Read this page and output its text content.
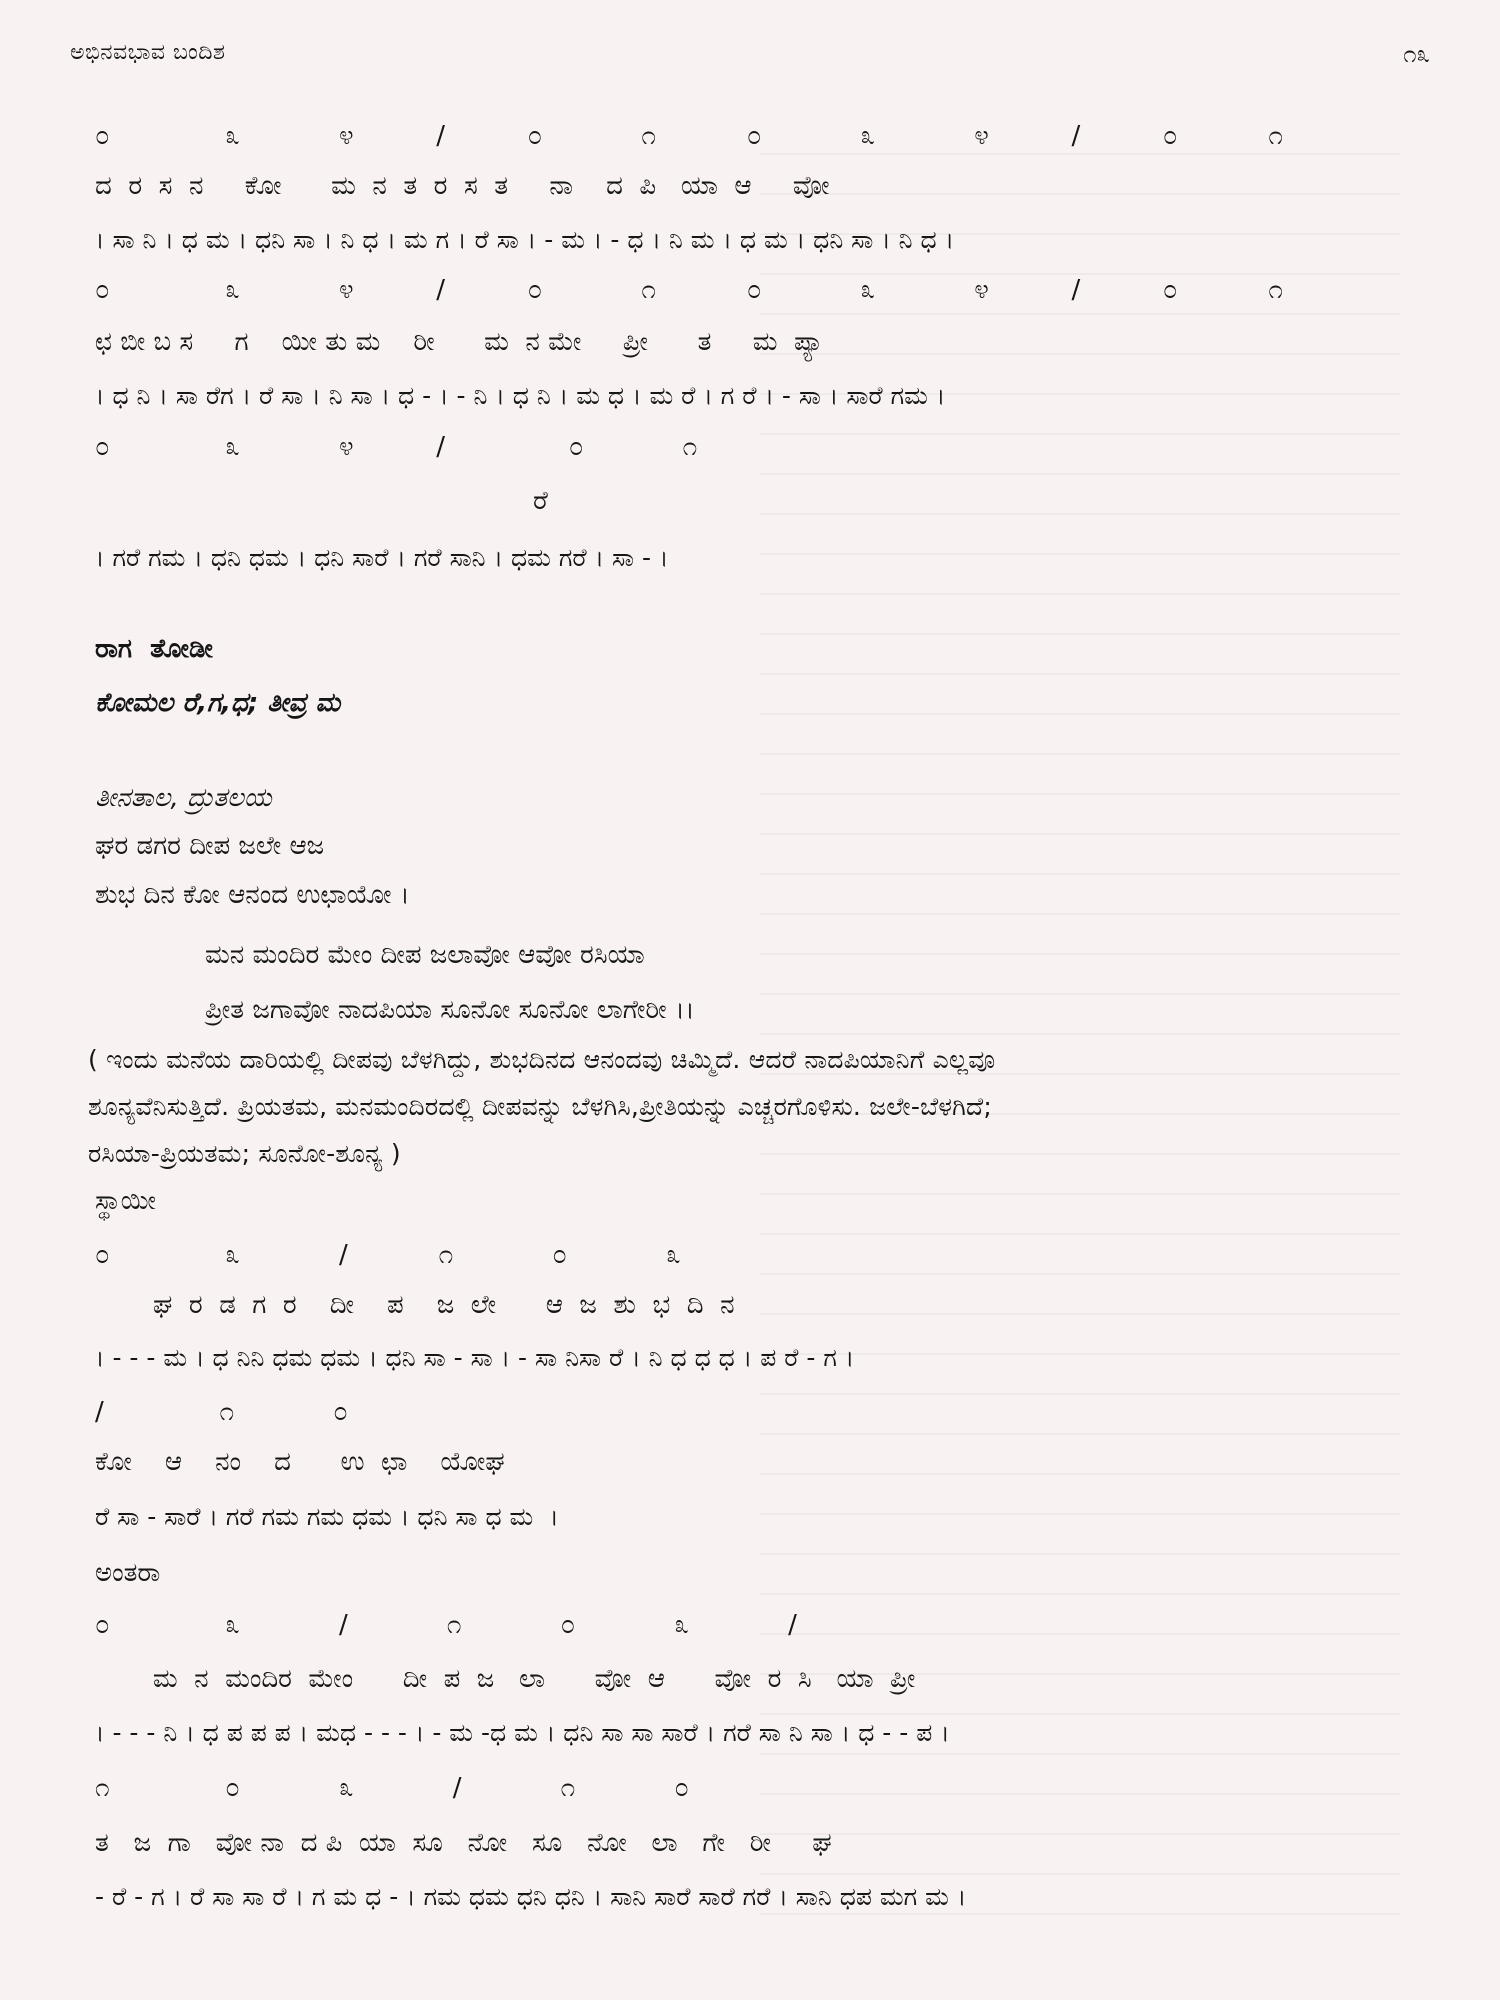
ಅಭಿನವಭಾವ ಬಂದಿಶ	೧೩
೦              ೩            ೪          /          ೦            ೧           ೦            ೩            ೪          /          ೦           ೧
ದ  ರ  ಸ  ನ     ಕೋ      ಮ  ನ  ತ  ರ  ಸ  ತ     ನಾ    ದ  ಪಿ   ಯಾ  ಆ     ವೋ
। ಸಾ ನಿ । ಧ ಮ । ಧನಿ ಸಾ । ನಿ ಧ । ಮ ಗ । ರೆ ಸಾ । - ಮ । - ಧ । ನಿ ಮ । ಧ ಮ । ಧನಿ ಸಾ । ನಿ ಧ ।
೦              ೩            ೪          /          ೦            ೧           ೦            ೩            ೪          /          ೦           ೧
ಛ ಬೀ ಬ ಸ     ಗ    ಯೀ ತು ಮ    ರೀ      ಮ  ನ ಮೇ     ಪ್ರೀ      ತ     ಮ  ಪ್ಯಾ
। ಧ ನಿ । ಸಾ ರೆಗ । ರೆ ಸಾ । ನಿ ಸಾ । ಧ - । - ನಿ । ಧ ನಿ । ಮ ಧ । ಮ ರೆ । ಗ ರೆ । - ಸಾ । ಸಾರೆ ಗಮ ।
೦              ೩            ೪          /               ೦            ೧
ರೆ
। ಗರೆ ಗಮ । ಧನಿ ಧಮ । ಧನಿ ಸಾರೆ । ಗರೆ ಸಾನಿ । ಧಮ ಗರೆ । ಸಾ - ।
ರಾಗ  ತೋಡೀ
ಕೋಮಲ ರೆ,ಗ,ಧ; ತೀವ್ರ ಮ
ತೀನತಾಲ, ದ್ರುತಲಯ
ಘರ ಡಗರ ದೀಪ ಜಲೇ ಆಜ
ಶುಭ ದಿನ ಕೋ ಆನಂದ ಉಛಾಯೋ ।
ಮನ ಮಂದಿರ ಮೇಂ ದೀಪ ಜಲಾವೋ ಆವೋ ರಸಿಯಾ
ಪ್ರೀತ ಜಗಾವೋ ನಾದಪಿಯಾ ಸೂನೋ ಸೂನೋ ಲಾಗೇರೀ ।।
( ಇಂದು ಮನೆಯ ದಾರಿಯಲ್ಲಿ ದೀಪವು ಬೆಳಗಿದ್ದು, ಶುಭದಿನದ ಆನಂದವು ಚಿಮ್ಮಿದೆ. ಆದರೆ ನಾದಪಿಯಾನಿಗೆ ಎಲ್ಲವೂ
ಶೂನ್ಯವೆನಿಸುತ್ತಿದೆ. ಪ್ರಿಯತಮ, ಮನಮಂದಿರದಲ್ಲಿ ದೀಪವನ್ನು ಬೆಳಗಿಸಿ,ಪ್ರೀತಿಯನ್ನು ಎಚ್ಚರಗೊಳಿಸು. ಜಲೇ-ಬೆಳಗಿದೆ;
ರಸಿಯಾ-ಪ್ರಿಯತಮ; ಸೂನೋ-ಶೂನ್ಯ )
ಸ್ಥಾಯೀ
೦              ೩            /           ೧            ೦            ೩
ಘ  ರ  ಡ  ಗ  ರ    ದೀ    ಪ    ಜ  ಲೇ      ಆ  ಜ  ಶು  ಭ  ದಿ  ನ
। - - - ಮ । ಧ ನಿನಿ ಧಮ ಧಮ । ಧನಿ ಸಾ - ಸಾ । - ಸಾ ನಿಸಾ ರೆ । ನಿ ಧ ಧ ಧ । ಪ ರೆ - ಗ ।
/              ೧            ೦
ಕೋ    ಆ    ನಂ    ದ      ಉ  ಛಾ    ಯೋಘ
ರೆ ಸಾ - ಸಾರೆ । ಗರೆ ಗಮ ಗಮ ಧಮ । ಧನಿ ಸಾ ಧ ಮ  ।
ಅಂತರಾ
೦              ೩            /            ೧            ೦            ೩            /
ಮ  ನ  ಮಂದಿರ  ಮೇಂ      ದೀ  ಪ  ಜ   ಲಾ      ವೋ  ಆ      ವೋ  ರ  ಸಿ   ಯಾ  ಪ್ರೀ
। - - - ನಿ । ಧ ಪ ಪ ಪ । ಮಧ - - - । - ಮ -ಧ ಮ । ಧನಿ ಸಾ ಸಾ ಸಾರೆ । ಗರೆ ಸಾ ನಿ ಸಾ । ಧ - - ಪ ।
೧              ೦            ೩            /            ೧            ೦
ತ   ಜ  ಗಾ   ವೋ ನಾ  ದ ಪಿ  ಯಾ  ಸೂ   ನೋ   ಸೂ   ನೋ   ಲಾ   ಗೇ   ರೀ     ಘ
- ರೆ - ಗ । ರೆ ಸಾ ಸಾ ರೆ । ಗ ಮ ಧ - । ಗಮ ಧಮ ಧನಿ ಧನಿ । ಸಾನಿ ಸಾರೆ ಸಾರೆ ಗರೆ । ಸಾನಿ ಧಪ ಮಗ ಮ ।
